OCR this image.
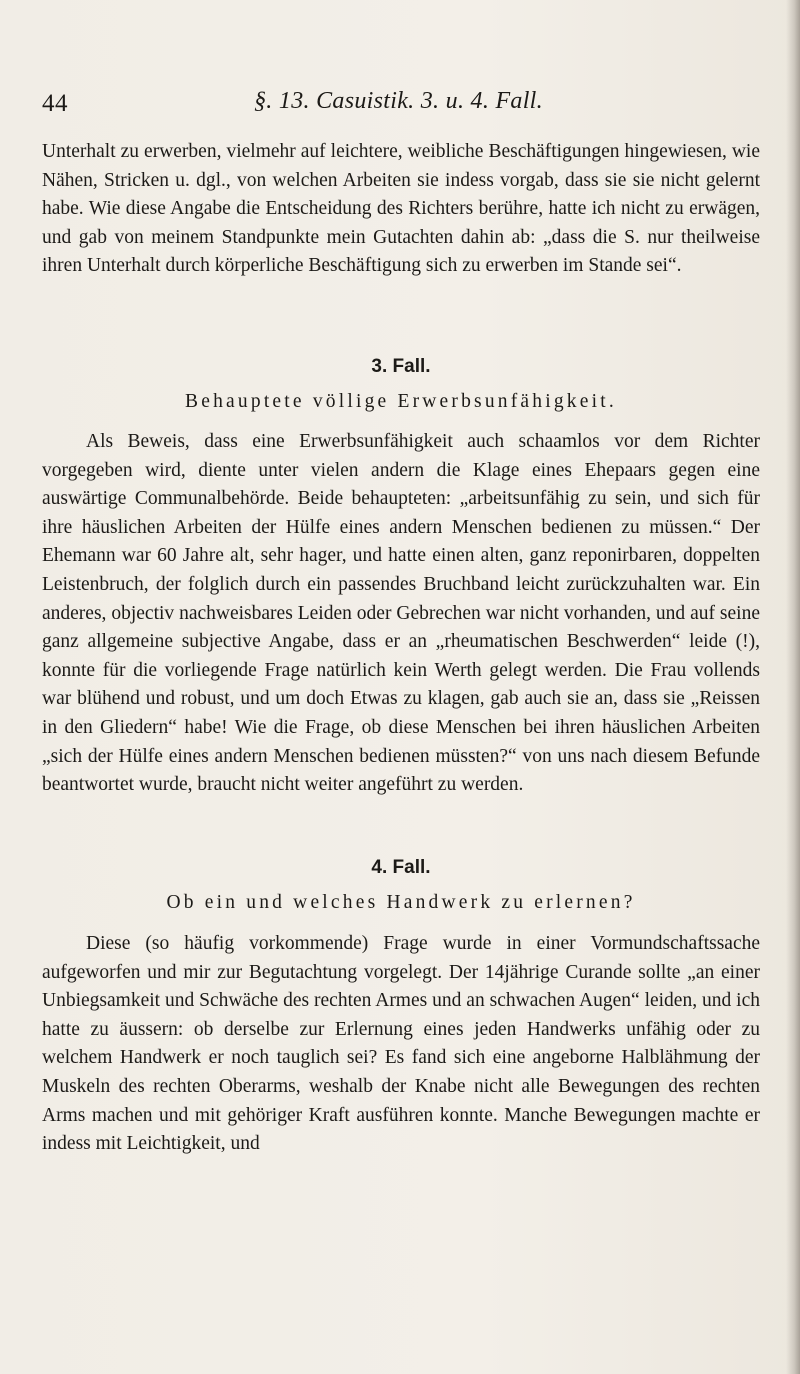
44	§. 13. Casuistik. 3. u. 4. Fall.

Unterhalt zu erwerben, vielmehr auf leichtere, weibliche Beschäftigungen hingewiesen, wie Nähen, Stricken u. dgl., von welchen Arbeiten sie indess vorgab, dass sie sie nicht gelernt habe. Wie diese Angabe die Entscheidung des Richters berühre, hatte ich nicht zu erwägen, und gab von meinem Standpunkte mein Gutachten dahin ab: „dass die S. nur theilweise ihren Unterhalt durch körperliche Beschäftigung sich zu erwerben im Stande sei“.

3. Fall.
Behauptete völlige Erwerbsunfähigkeit.

Als Beweis, dass eine Erwerbsunfähigkeit auch schaamlos vor dem Richter vorgegeben wird, diente unter vielen andern die Klage eines Ehepaars gegen eine auswärtige Communalbehörde. Beide behaupteten: „arbeitsunfähig zu sein, und sich für ihre häuslichen Arbeiten der Hülfe eines andern Menschen bedienen zu müssen.“ Der Ehemann war 60 Jahre alt, sehr hager, und hatte einen alten, ganz reponirbaren, doppelten Leistenbruch, der folglich durch ein passendes Bruchband leicht zurückzuhalten war. Ein anderes, objectiv nachweisbares Leiden oder Gebrechen war nicht vorhanden, und auf seine ganz allgemeine subjective Angabe, dass er an „rheumatischen Beschwerden“ leide (!), konnte für die vorliegende Frage natürlich kein Werth gelegt werden. Die Frau vollends war blühend und robust, und um doch Etwas zu klagen, gab auch sie an, dass sie „Reissen in den Gliedern“ habe! Wie die Frage, ob diese Menschen bei ihren häuslichen Arbeiten „sich der Hülfe eines andern Menschen bedienen müssten?“ von uns nach diesem Befunde beantwortet wurde, braucht nicht weiter angeführt zu werden.

4. Fall.
Ob ein und welches Handwerk zu erlernen?

Diese (so häufig vorkommende) Frage wurde in einer Vormundschaftssache aufgeworfen und mir zur Begutachtung vorgelegt. Der 14jährige Curande sollte „an einer Unbiegsamkeit und Schwäche des rechten Armes und an schwachen Augen“ leiden, und ich hatte zu äussern: ob derselbe zur Erlernung eines jeden Handwerks unfähig oder zu welchem Handwerk er noch tauglich sei? Es fand sich eine angeborne Halblähmung der Muskeln des rechten Oberarms, weshalb der Knabe nicht alle Bewegungen des rechten Arms machen und mit gehöriger Kraft ausführen konnte. Manche Bewegungen machte er indess mit Leichtigkeit, und
